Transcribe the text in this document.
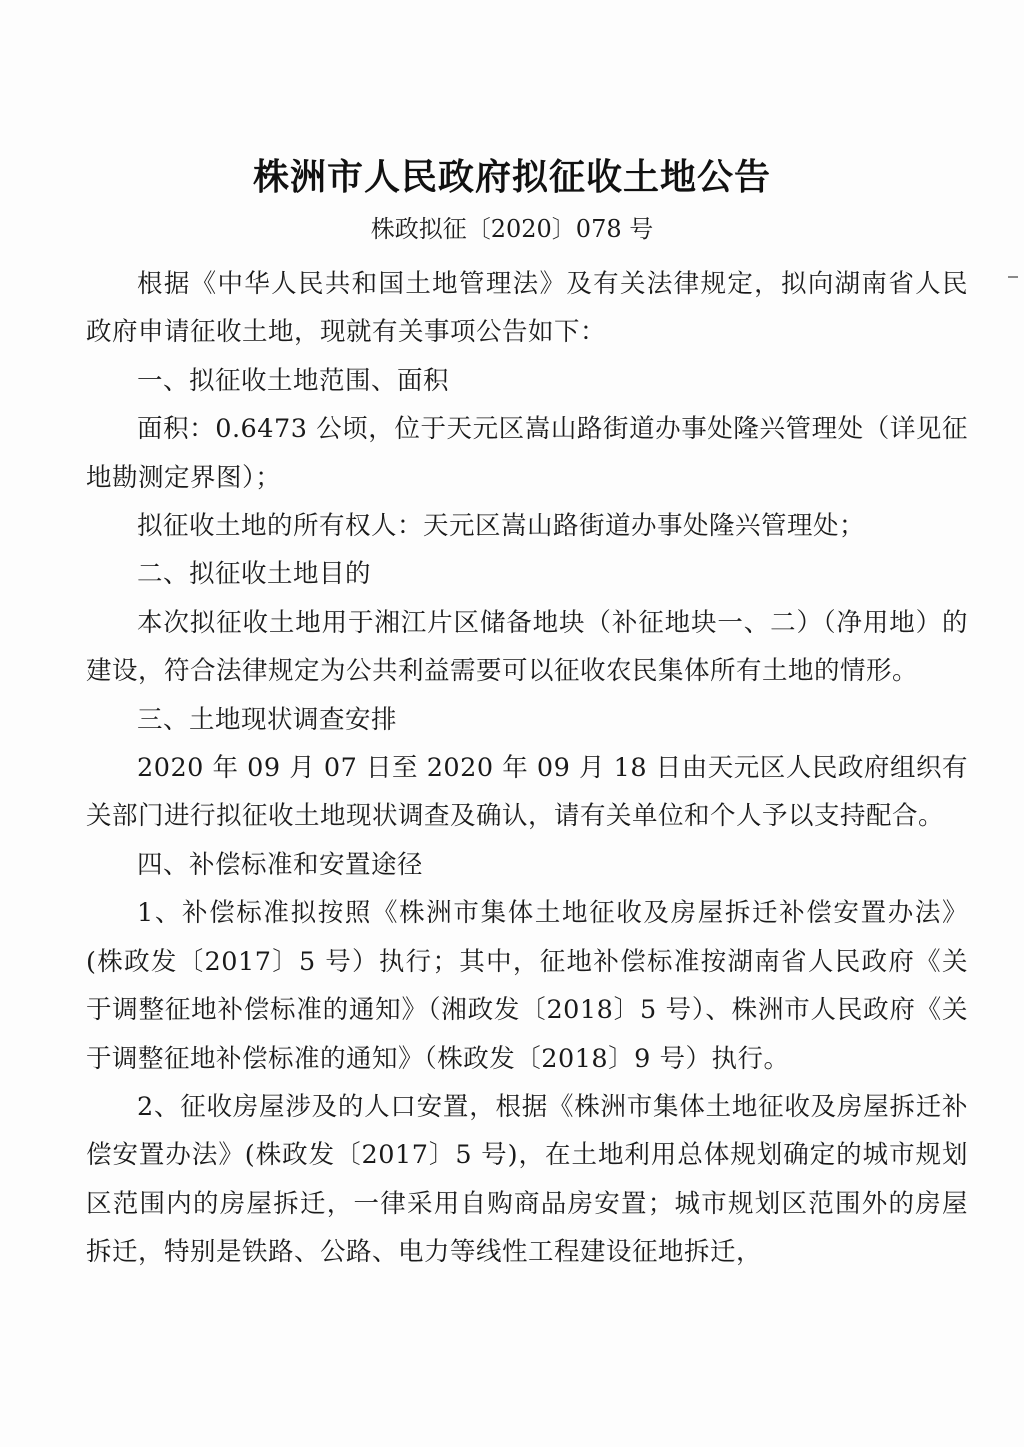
株洲市人民政府拟征收土地公告
株政拟征〔2020〕078 号

根据《中华人民共和国土地管理法》及有关法律规定，拟向湖南省人民政府申请征收土地，现就有关事项公告如下：

一、拟征收土地范围、面积

面积：0.6473 公顷，位于天元区嵩山路街道办事处隆兴管理处（详见征地勘测定界图）；

拟征收土地的所有权人：天元区嵩山路街道办事处隆兴管理处；

二、拟征收土地目的

本次拟征收土地用于湘江片区储备地块（补征地块一、二）（净用地）的建设，符合法律规定为公共利益需要可以征收农民集体所有土地的情形。

三、土地现状调查安排

2020 年 09 月 07 日至 2020 年 09 月 18 日由天元区人民政府组织有关部门进行拟征收土地现状调查及确认，请有关单位和个人予以支持配合。

四、补偿标准和安置途径

1、补偿标准拟按照《株洲市集体土地征收及房屋拆迁补偿安置办法》(株政发〔2017〕5 号）执行；其中，征地补偿标准按湖南省人民政府《关于调整征地补偿标准的通知》（湘政发〔2018〕5 号）、株洲市人民政府《关于调整征地补偿标准的通知》（株政发〔2018〕9 号）执行。

2、征收房屋涉及的人口安置，根据《株洲市集体土地征收及房屋拆迁补偿安置办法》(株政发〔2017〕5 号)，在土地利用总体规划确定的城市规划区范围内的房屋拆迁，一律采用自购商品房安置；城市规划区范围外的房屋拆迁，特别是铁路、公路、电力等线性工程建设征地拆迁，
